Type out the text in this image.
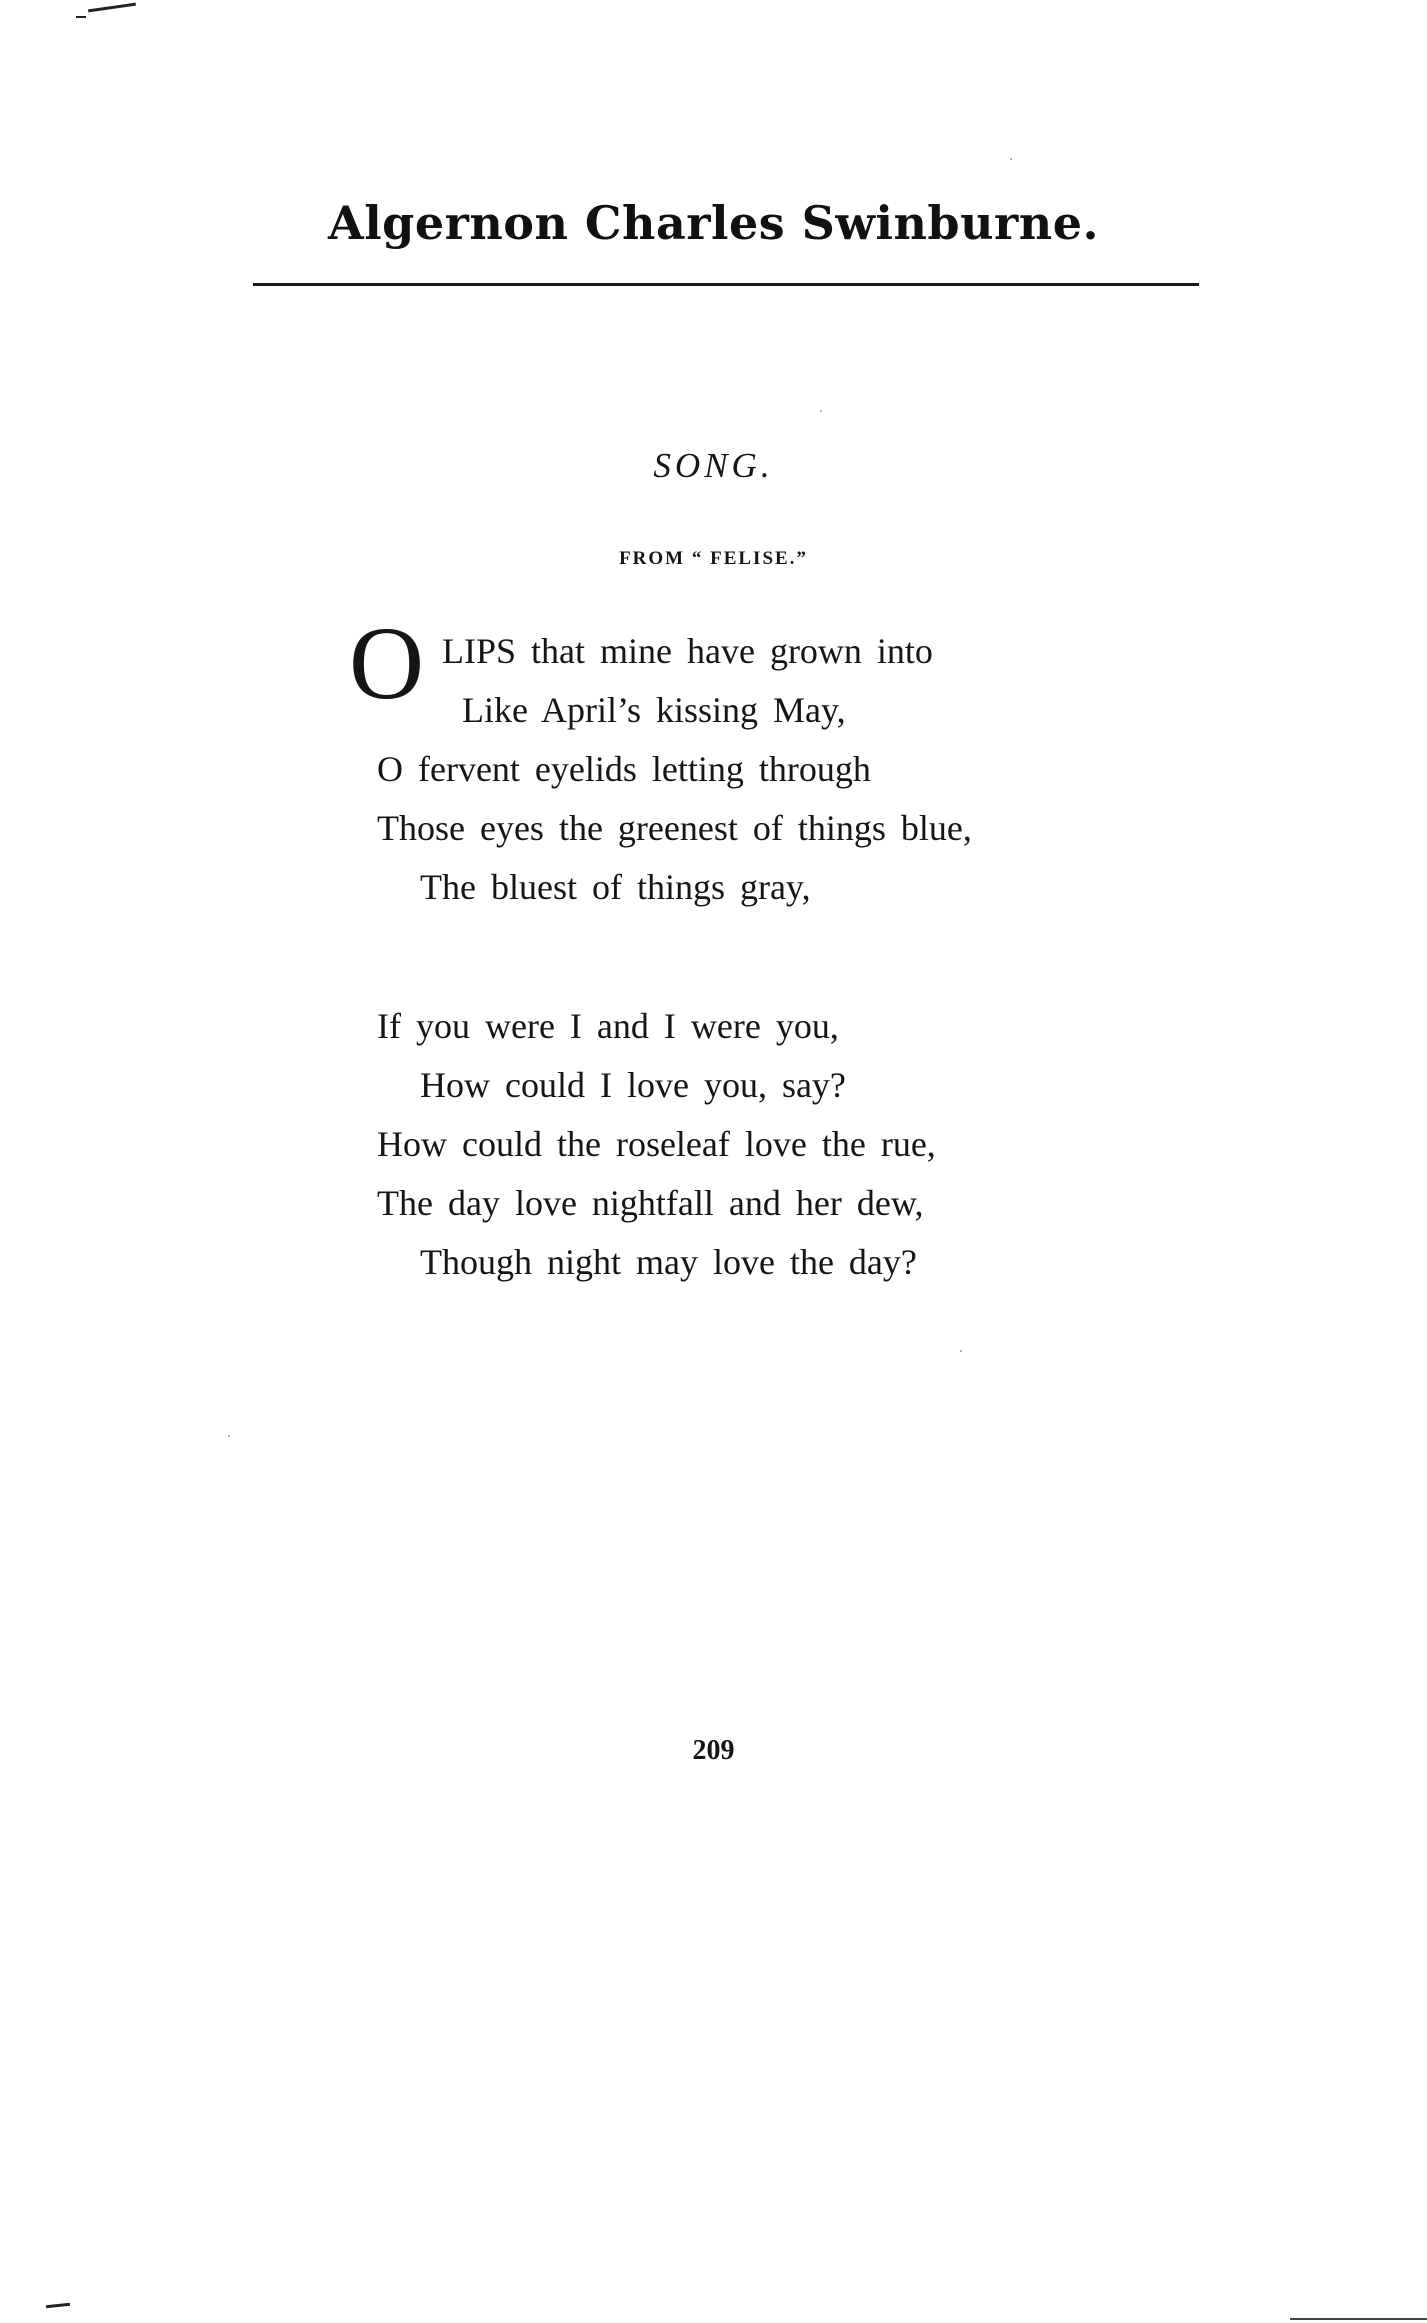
Algernon Charles Swinburne.
SONG.
FROM “ FELISE.”
O LIPS that mine have grown into
Like April’s kissing May,
O fervent eyelids letting through
Those eyes the greenest of things blue,
The bluest of things gray,
If you were I and I were you,
How could I love you, say?
How could the roseleaf love the rue,
The day love nightfall and her dew,
Though night may love the day?
209
